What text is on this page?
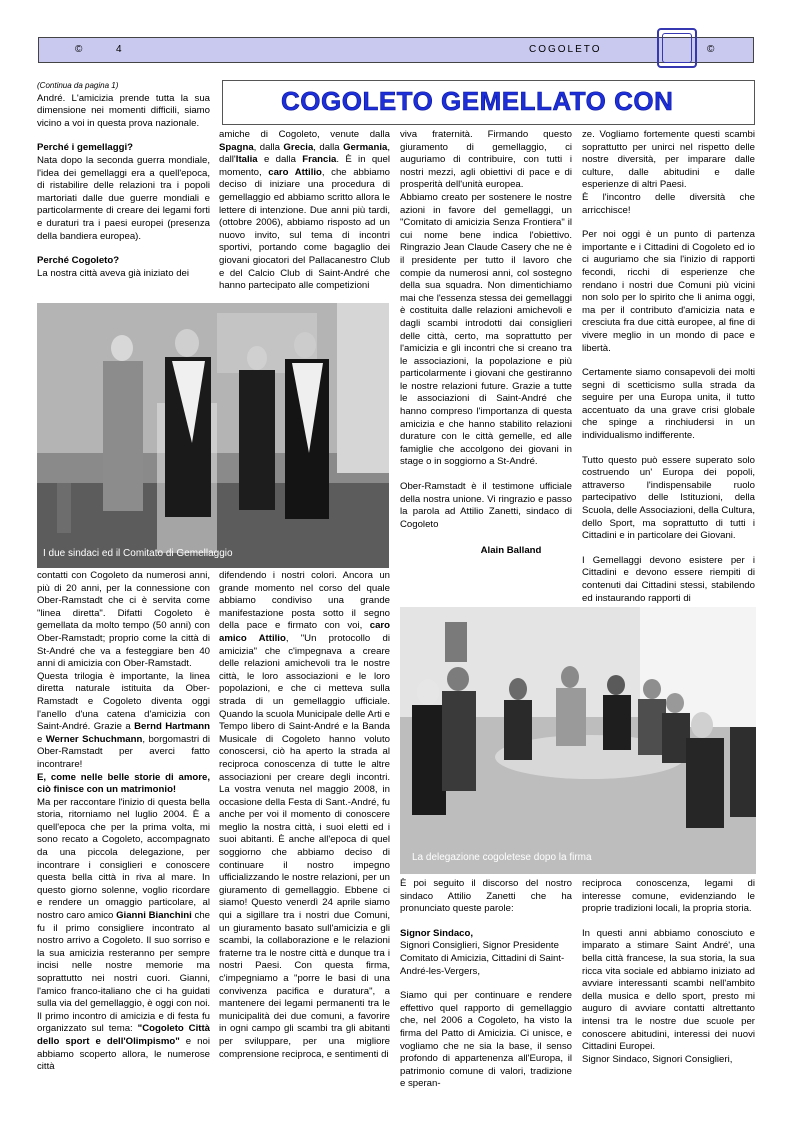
©	4	COGOLETO	©
COGOLETO GEMELLATO CON

(Continua da pagina 1)

André. L'amicizia prende tutta la sua dimensione nei momenti difficili, siamo vicino a voi in questa prova nazionale.

Perché i gemellaggi?

Nata dopo la seconda guerra mondiale, l'idea dei gemellaggi era a quell'epoca, di ristabilire delle relazioni tra i popoli martoriati dalle due guerre mondiali e particolarmente di creare dei legami forti e duraturi tra i paesi europei (presenza della bandiera europea).

Perché Cogoleto?

La nostra città aveva già iniziato dei

amiche di Cogoleto, venute dalla Spagna, dalla Grecia, dalla Germania, dall'Italia e dalla Francia. È in quel momento, caro Attilio, che abbiamo deciso di iniziare una procedura di gemellaggio ed abbiamo scritto allora le lettere di intenzione. Due anni più tardi, (ottobre 2006), abbiamo risposto ad un nuovo invito, sul tema di incontri sportivi, portando come bagaglio dei giovani giocatori del Pallacanestro Club e del Calcio Club di Saint-André che hanno partecipato alle competizioni

viva fraternità. Firmando questo giuramento di gemellaggio, ci auguriamo di contribuire, con tutti i nostri mezzi, agli obiettivi di pace e di prosperità dell'unità europea.

Abbiamo creato per sostenere le nostre azioni in favore del gemellaggi, un "Comitato di amicizia Senza Frontiera" il cui nome bene indica l'obiettivo. Ringrazio Jean Claude Casery che ne è il presidente per tutto il lavoro che compie da numerosi anni, col sostegno della sua squadra. Non dimentichiamo mai che l'essenza stessa dei gemellaggi è costituita dalle relazioni amichevoli e dagli scambi introdotti dai consiglieri delle città, certo, ma soprattutto per l'amicizia e gli incontri che si creano tra le associazioni, la popolazione e più particolarmente i giovani che gestiranno le nostre relazioni future. Grazie a tutte le associazioni di Saint-André che hanno compreso l'importanza di questa amicizia e che hanno stabilito relazioni durature con le città gemelle, ed alle famiglie che accolgono dei giovani in stage o in soggiorno a St-André.

Ober-Ramstadt è il testimone ufficiale della nostra unione. Vi ringrazio e passo la parola ad Attilio Zanetti, sindaco di Cogoleto

Alain Balland

ze. Vogliamo fortemente questi scambi soprattutto per unirci nel rispetto delle nostre diversità, per imparare dalle culture, dalle abitudini e dalle esperienze di altri Paesi.

È l'incontro delle diversità che arricchisce!

Per noi oggi è un punto di partenza importante e i Cittadini di Cogoleto ed io ci auguriamo che sia l'inizio di rapporti fecondi, ricchi di esperienze che rendano i nostri due Comuni più vicini non solo per lo spirito che li anima oggi, ma per il contributo d'amicizia nata e cresciuta fra due città europee, al fine di vivere meglio in un mondo di pace e libertà.

Certamente siamo consapevoli dei molti segni di scetticismo sulla strada da seguire per una Europa unita, il tutto accentuato da una grave crisi globale che spinge a rinchiudersi in un individualismo indifferente.

Tutto questo può essere superato solo costruendo un' Europa dei popoli, attraverso l'indispensabile ruolo partecipativo delle Istituzioni, della Scuola, delle Associazioni, della Cultura, dello Sport, ma soprattutto di tutti i Cittadini e in particolare dei Giovani.

I Gemellaggi devono esistere per i Cittadini e devono essere riempiti di contenuti dai Cittadini stessi, stabilendo ed instaurando rapporti di

I due sindaci ed il Comitato di Gemellaggio

contatti con Cogoleto da numerosi anni, più di 20 anni, per la connessione con Ober-Ramstadt che ci è servita come "linea diretta". Difatti Cogoleto è gemellata da molto tempo (50 anni) con Ober-Ramstadt; proprio come la città di St-André che va a festeggiare ben 40 anni di amicizia con Ober-Ramstadt.

Questa trilogia è importante, la linea diretta naturale istituita da Ober-Ramstadt e Cogoleto diventa oggi l'anello d'una catena d'amicizia con Saint-André. Grazie a Bernd Hartmann e Werner Schuchmann, borgomastri di Ober-Ramstadt per averci fatto incontrare!

E, come nelle belle storie di amore, ciò finisce con un matrimonio!

Ma per raccontare l'inizio di questa bella storia, ritorniamo nel luglio 2004. È a quell'epoca che per la prima volta, mi sono recato a Cogoleto, accompagnato da una piccola delegazione, per incontrare i consiglieri e conoscere questa bella città in riva al mare. In questo giorno solenne, voglio ricordare e rendere un omaggio particolare, al nostro caro amico Gianni Bianchini che fu il primo consigliere incontrato al nostro arrivo a Cogoleto. Il suo sorriso e la sua amicizia resteranno per sempre incisi nelle nostre memorie ma soprattutto nei nostri cuori. Gianni, l'amico franco-italiano che ci ha guidati sulla via del gemellaggio, è oggi con noi. Il primo incontro di amicizia e di festa fu organizzato sul tema: "Cogoleto Città dello sport e dell'Olimpismo" e noi abbiamo scoperto allora, le numerose città

difendendo i nostri colori. Ancora un grande momento nel corso del quale abbiamo condiviso una grande manifestazione posta sotto il segno della pace e firmato con voi, caro amico Attilio, "Un protocollo di amicizia" che c'impegnava a creare delle relazioni amichevoli tra le nostre città, le loro associazioni e le loro popolazioni, e che ci metteva sulla strada di un gemellaggio ufficiale. Quando la scuola Municipale delle Arti e Tempo libero di Saint-André e la Banda Musicale di Cogoleto hanno voluto conoscersi, ciò ha aperto la strada al reciproca conoscenza di tutte le altre associazioni per creare degli incontri. La vostra venuta nel maggio 2008, in occasione della Festa di Sant.-André, fu anche per voi il momento di conoscere meglio la nostra città, i suoi eletti ed i suoi abitanti. È anche all'epoca di quel soggiorno che abbiamo deciso di continuare il nostro impegno ufficializzando le nostre relazioni, per un giuramento di gemellaggio. Ebbene ci siamo! Questo venerdì 24 aprile siamo qui a sigillare tra i nostri due Comuni, un giuramento basato sull'amicizia e gli scambi, la collaborazione e le relazioni fraterne tra le nostre città e dunque tra i nostri Paesi. Con questa firma, c'impegniamo a "porre le basi di una convivenza pacifica e duratura", a mantenere dei legami permanenti tra le municipalità dei due comuni, a favorire in ogni campo gli scambi tra gli abitanti per sviluppare, per una migliore comprensione reciproca, e sentimenti di

La delegazione cogoletese dopo la firma

È poi seguito il discorso del nostro sindaco Attilio Zanetti che ha pronunciato queste parole:

Signor Sindaco,

Signori Consiglieri, Signor Presidente Comitato di Amicizia, Cittadini di Saint-André-les-Vergers,

Siamo qui per continuare e rendere effettivo quel rapporto di gemellaggio che, nel 2006 a Cogoleto, ha visto la firma del Patto di Amicizia. Ci unisce, e vogliamo che ne sia la base, il senso profondo di appartenenza all'Europa, il patrimonio comune di valori, tradizione e speran-

reciproca conoscenza, legami di interesse comune, evidenziando le proprie tradizioni locali, la propria storia.

In questi anni abbiamo conosciuto e imparato a stimare Saint André', una bella città francese, la sua storia, la sua ricca vita sociale ed abbiamo iniziato ad avviare interessanti scambi nell'ambito della musica e dello sport, presto mi auguro di avviare contatti altrettanto intensi tra le nostre due scuole per conoscere abitudini, interessi dei nuovi Cittadini Europei.

Signor Sindaco, Signori Consiglieri,
